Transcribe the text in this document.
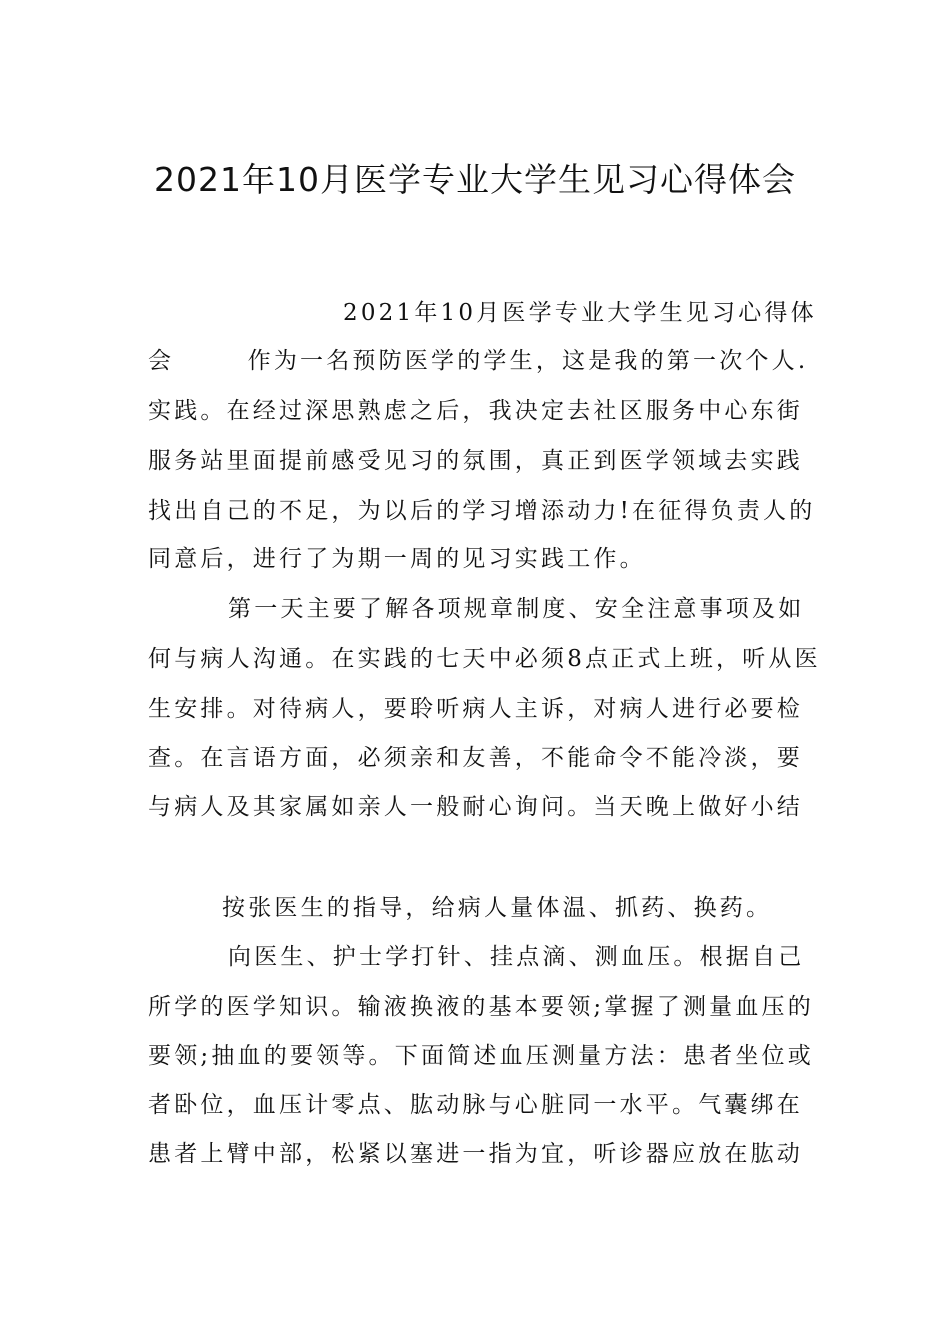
2021年10月医学专业大学生见习心得体会
2021年10月医学专业大学生见习心得体
会 　　 作为一名预防医学的学生，这是我的第一次个人.
实践。在经过深思熟虑之后，我决定去社区服务中心东街
服务站里面提前感受见习的氛围，真正到医学领域去实践
找出自己的不足，为以后的学习增添动力!在征得负责人的
同意后，进行了为期一周的见习实践工作。
第一天主要了解各项规章制度、安全注意事项及如
何与病人沟通。在实践的七天中必须8点正式上班，听从医
生安排。对待病人，要聆听病人主诉，对病人进行必要检
查。在言语方面，必须亲和友善，不能命令不能冷淡，要
与病人及其家属如亲人一般耐心询问。当天晚上做好小结
按张医生的指导，给病人量体温、抓药、换药。
向医生、护士学打针、挂点滴、测血压。根据自己
所学的医学知识。输液换液的基本要领;掌握了测量血压的
要领;抽血的要领等。下面简述血压测量方法：患者坐位或
者卧位，血压计零点、肱动脉与心脏同一水平。气囊绑在
患者上臂中部，松紧以塞进一指为宜，听诊器应放在肱动
